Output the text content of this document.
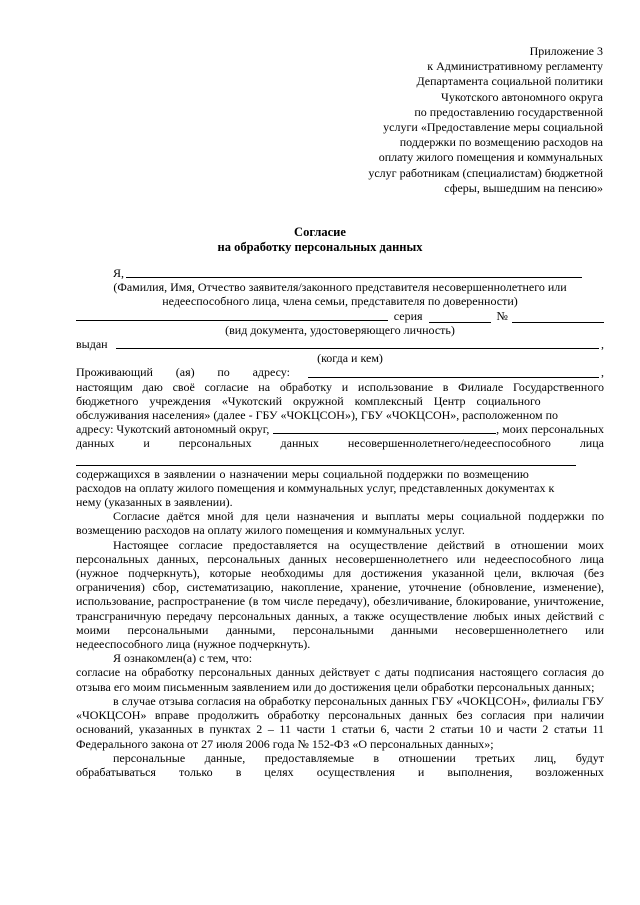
Приложение 3
к Административному регламенту
Департамента социальной политики
Чукотского автономного округа
по предоставлению государственной
услуги «Предоставление меры социальной
поддержки по возмещению расходов на
оплату жилого помещения и коммунальных
услуг работникам (специалистам) бюджетной
сферы, вышедшим на пенсию»
Согласие
на обработку персональных данных
Я,
(Фамилия, Имя, Отчество заявителя/законного представителя несовершеннолетнего или
недееспособного лица, члена семьи, представителя по доверенности)
серия	№
(вид документа, удостоверяющего личность)
выдан	,
(когда и кем)
Проживающий (ая) по адресу:	,
настоящим даю своё согласие на обработку и использование в Филиале Государственного
бюджетного учреждения «Чукотский окружной комплексный Центр социального
обслуживания населения» (далее - ГБУ «ЧОКЦСОН»), ГБУ «ЧОКЦСОН», расположенном по
адресу: Чукотский автономный округ,	, моих персональных
данных и персональных данных несовершеннолетнего/недееспособного лица
содержащихся в заявлении о назначении меры социальной поддержки по возмещению
расходов на оплату жилого помещения и коммунальных услуг, представленных документах к
нему (указанных в заявлении).
Согласие даётся мной для цели назначения и выплаты меры социальной поддержки по возмещению расходов на оплату жилого помещения и коммунальных услуг.
Настоящее согласие предоставляется на осуществление действий в отношении моих персональных данных, персональных данных несовершеннолетнего или недееспособного лица (нужное подчеркнуть), которые необходимы для достижения указанной цели, включая (без ограничения) сбор, систематизацию, накопление, хранение, уточнение (обновление, изменение), использование, распространение (в том числе передачу), обезличивание, блокирование, уничтожение, трансграничную передачу персональных данных, а также осуществление любых иных действий с моими персональными данными, персональными данными несовершеннолетнего или недееспособного лица (нужное подчеркнуть).
Я ознакомлен(а) с тем, что:
согласие на обработку персональных данных действует с даты подписания настоящего согласия до отзыва его моим письменным заявлением или до достижения цели обработки персональных данных;
в случае отзыва согласия на обработку персональных данных ГБУ «ЧОКЦСОН», филиалы ГБУ «ЧОКЦСОН» вправе продолжить обработку персональных данных без согласия при наличии оснований, указанных в пунктах 2 – 11 части 1 статьи 6, части 2 статьи 10 и части 2 статьи 11 Федерального закона от 27 июля 2006 года № 152-ФЗ «О персональных данных»;
персональные данные, предоставляемые в отношении третьих лиц, будут
обрабатываться только в целях осуществления и выполнения, возложенных
